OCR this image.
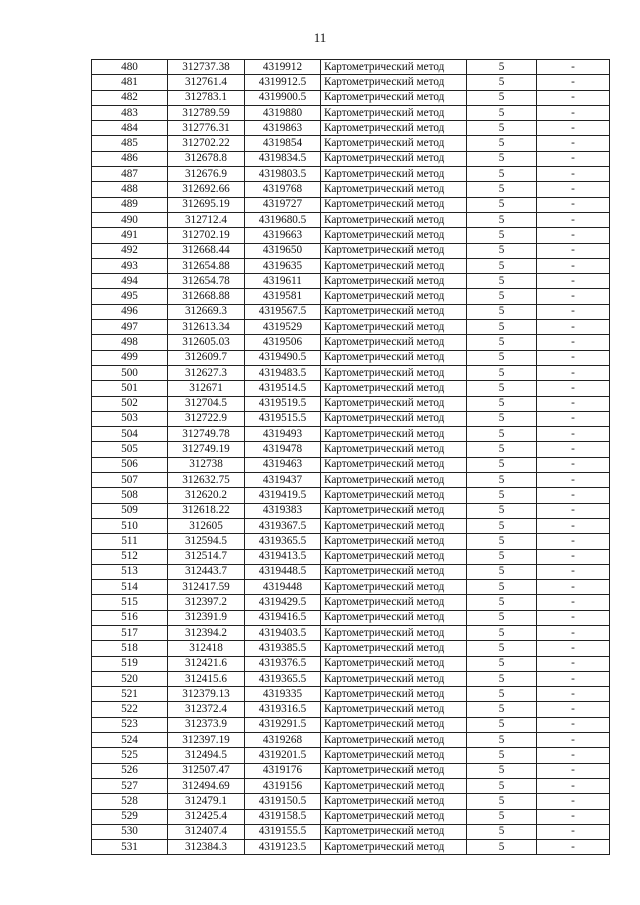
11
480	312737.38	4319912	Картометрический метод	5	-
481	312761.4	4319912.5	Картометрический метод	5	-
482	312783.1	4319900.5	Картометрический метод	5	-
483	312789.59	4319880	Картометрический метод	5	-
484	312776.31	4319863	Картометрический метод	5	-
485	312702.22	4319854	Картометрический метод	5	-
486	312678.8	4319834.5	Картометрический метод	5	-
487	312676.9	4319803.5	Картометрический метод	5	-
488	312692.66	4319768	Картометрический метод	5	-
489	312695.19	4319727	Картометрический метод	5	-
490	312712.4	4319680.5	Картометрический метод	5	-
491	312702.19	4319663	Картометрический метод	5	-
492	312668.44	4319650	Картометрический метод	5	-
493	312654.88	4319635	Картометрический метод	5	-
494	312654.78	4319611	Картометрический метод	5	-
495	312668.88	4319581	Картометрический метод	5	-
496	312669.3	4319567.5	Картометрический метод	5	-
497	312613.34	4319529	Картометрический метод	5	-
498	312605.03	4319506	Картометрический метод	5	-
499	312609.7	4319490.5	Картометрический метод	5	-
500	312627.3	4319483.5	Картометрический метод	5	-
501	312671	4319514.5	Картометрический метод	5	-
502	312704.5	4319519.5	Картометрический метод	5	-
503	312722.9	4319515.5	Картометрический метод	5	-
504	312749.78	4319493	Картометрический метод	5	-
505	312749.19	4319478	Картометрический метод	5	-
506	312738	4319463	Картометрический метод	5	-
507	312632.75	4319437	Картометрический метод	5	-
508	312620.2	4319419.5	Картометрический метод	5	-
509	312618.22	4319383	Картометрический метод	5	-
510	312605	4319367.5	Картометрический метод	5	-
511	312594.5	4319365.5	Картометрический метод	5	-
512	312514.7	4319413.5	Картометрический метод	5	-
513	312443.7	4319448.5	Картометрический метод	5	-
514	312417.59	4319448	Картометрический метод	5	-
515	312397.2	4319429.5	Картометрический метод	5	-
516	312391.9	4319416.5	Картометрический метод	5	-
517	312394.2	4319403.5	Картометрический метод	5	-
518	312418	4319385.5	Картометрический метод	5	-
519	312421.6	4319376.5	Картометрический метод	5	-
520	312415.6	4319365.5	Картометрический метод	5	-
521	312379.13	4319335	Картометрический метод	5	-
522	312372.4	4319316.5	Картометрический метод	5	-
523	312373.9	4319291.5	Картометрический метод	5	-
524	312397.19	4319268	Картометрический метод	5	-
525	312494.5	4319201.5	Картометрический метод	5	-
526	312507.47	4319176	Картометрический метод	5	-
527	312494.69	4319156	Картометрический метод	5	-
528	312479.1	4319150.5	Картометрический метод	5	-
529	312425.4	4319158.5	Картометрический метод	5	-
530	312407.4	4319155.5	Картометрический метод	5	-
531	312384.3	4319123.5	Картометрический метод	5	-
